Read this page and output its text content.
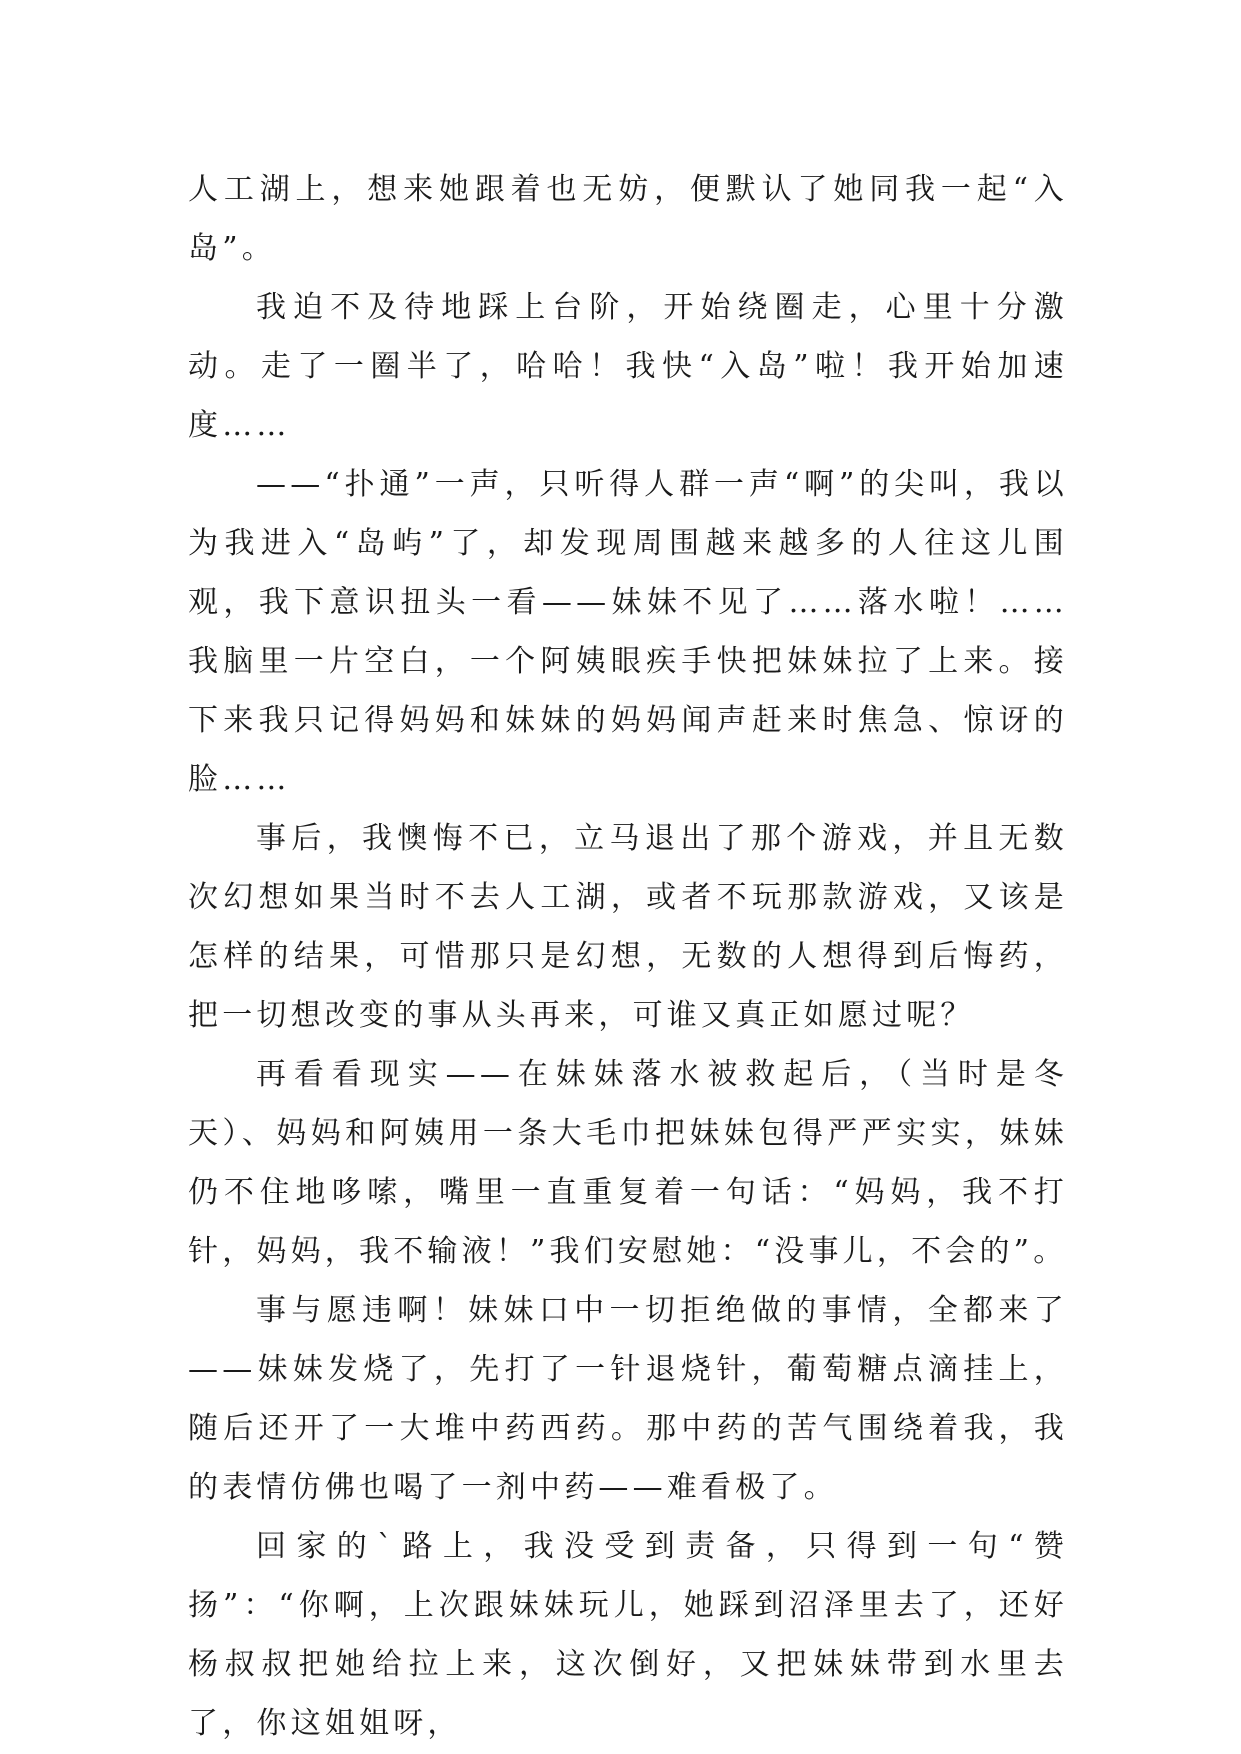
人工湖上，想来她跟着也无妨，便默认了她同我一起“入岛”。

我迫不及待地踩上台阶，开始绕圈走，心里十分激动。走了一圈半了，哈哈！我快“入岛”啦！我开始加速度……

——“扑通”一声，只听得人群一声“啊”的尖叫，我以为我进入“岛屿”了，却发现周围越来越多的人往这儿围观，我下意识扭头一看——妹妹不见了……落水啦！……我脑里一片空白，一个阿姨眼疾手快把妹妹拉了上来。接下来我只记得妈妈和妹妹的妈妈闻声赶来时焦急、惊讶的脸……

事后，我懊悔不已，立马退出了那个游戏，并且无数次幻想如果当时不去人工湖，或者不玩那款游戏，又该是怎样的结果，可惜那只是幻想，无数的人想得到后悔药，把一切想改变的事从头再来，可谁又真正如愿过呢？

再看看现实——在妹妹落水被救起后，（当时是冬天）、妈妈和阿姨用一条大毛巾把妹妹包得严严实实，妹妹仍不住地哆嗦，嘴里一直重复着一句话：“妈妈，我不打针，妈妈，我不输液！”我们安慰她：“没事儿，不会的”。

事与愿违啊！妹妹口中一切拒绝做的事情，全都来了——妹妹发烧了，先打了一针退烧针，葡萄糖点滴挂上，随后还开了一大堆中药西药。那中药的苦气围绕着我，我的表情仿佛也喝了一剂中药——难看极了。

回家的`路上，我没受到责备，只得到一句“赞扬”：“你啊，上次跟妹妹玩儿，她踩到沼泽里去了，还好杨叔叔把她给拉上来，这次倒好，又把妹妹带到水里去了，你这姐姐呀，
